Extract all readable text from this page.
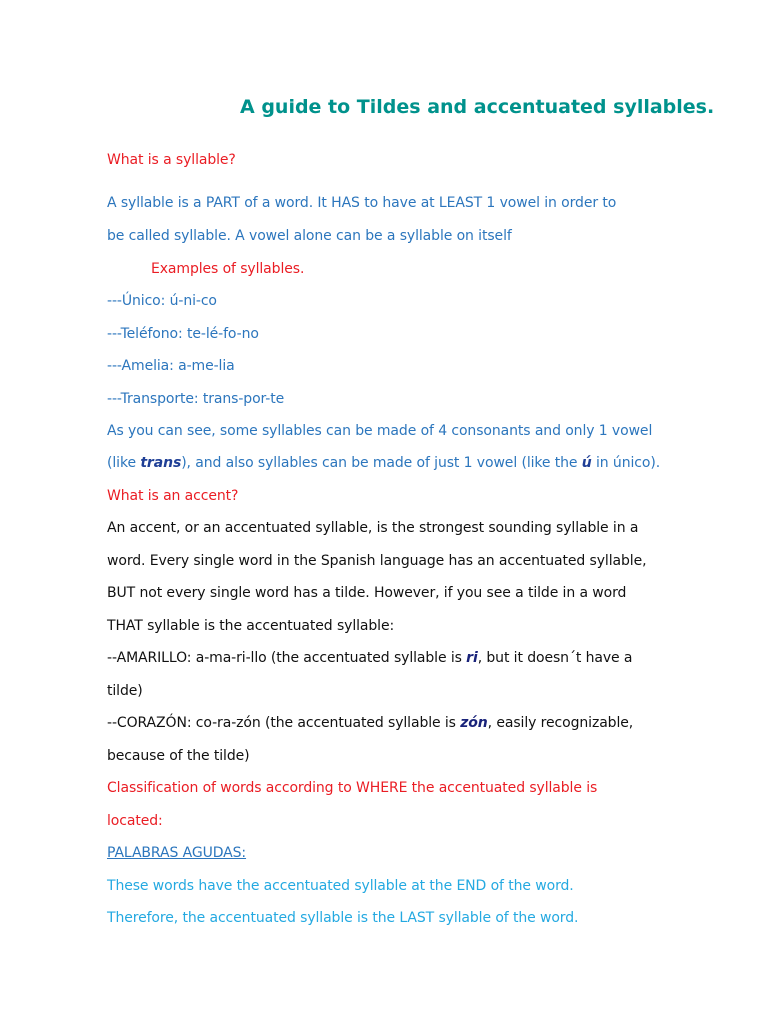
A guide to Tildes and accentuated syllables.

What is a syllable?

A syllable is a PART of a word. It HAS to have at LEAST 1 vowel in order to

be called syllable. A vowel alone can be a syllable on itself

Examples of syllables.

---Único: ú-ni-co

---Teléfono: te-lé-fo-no

---Amelia: a-me-lia

---Transporte: trans-por-te

As you can see, some syllables can be made of 4 consonants and only 1 vowel

(like trans), and also syllables can be made of just 1 vowel (like the ú in único).

What is an accent?

An accent, or an accentuated syllable, is the strongest sounding syllable in a

word. Every single word in the Spanish language has an accentuated syllable,

BUT not every single word has a tilde. However, if you see a tilde in a word

THAT syllable is the accentuated syllable:

--AMARILLO: a-ma-ri-llo (the accentuated syllable is ri, but it doesn´t have a

tilde)

--CORAZÓN: co-ra-zón (the accentuated syllable is zón, easily recognizable,

because of the tilde)

Classification of words according to WHERE the accentuated syllable is

located:

PALABRAS AGUDAS:

These words have the accentuated syllable at the END of the word.

Therefore, the accentuated syllable is the LAST syllable of the word.
